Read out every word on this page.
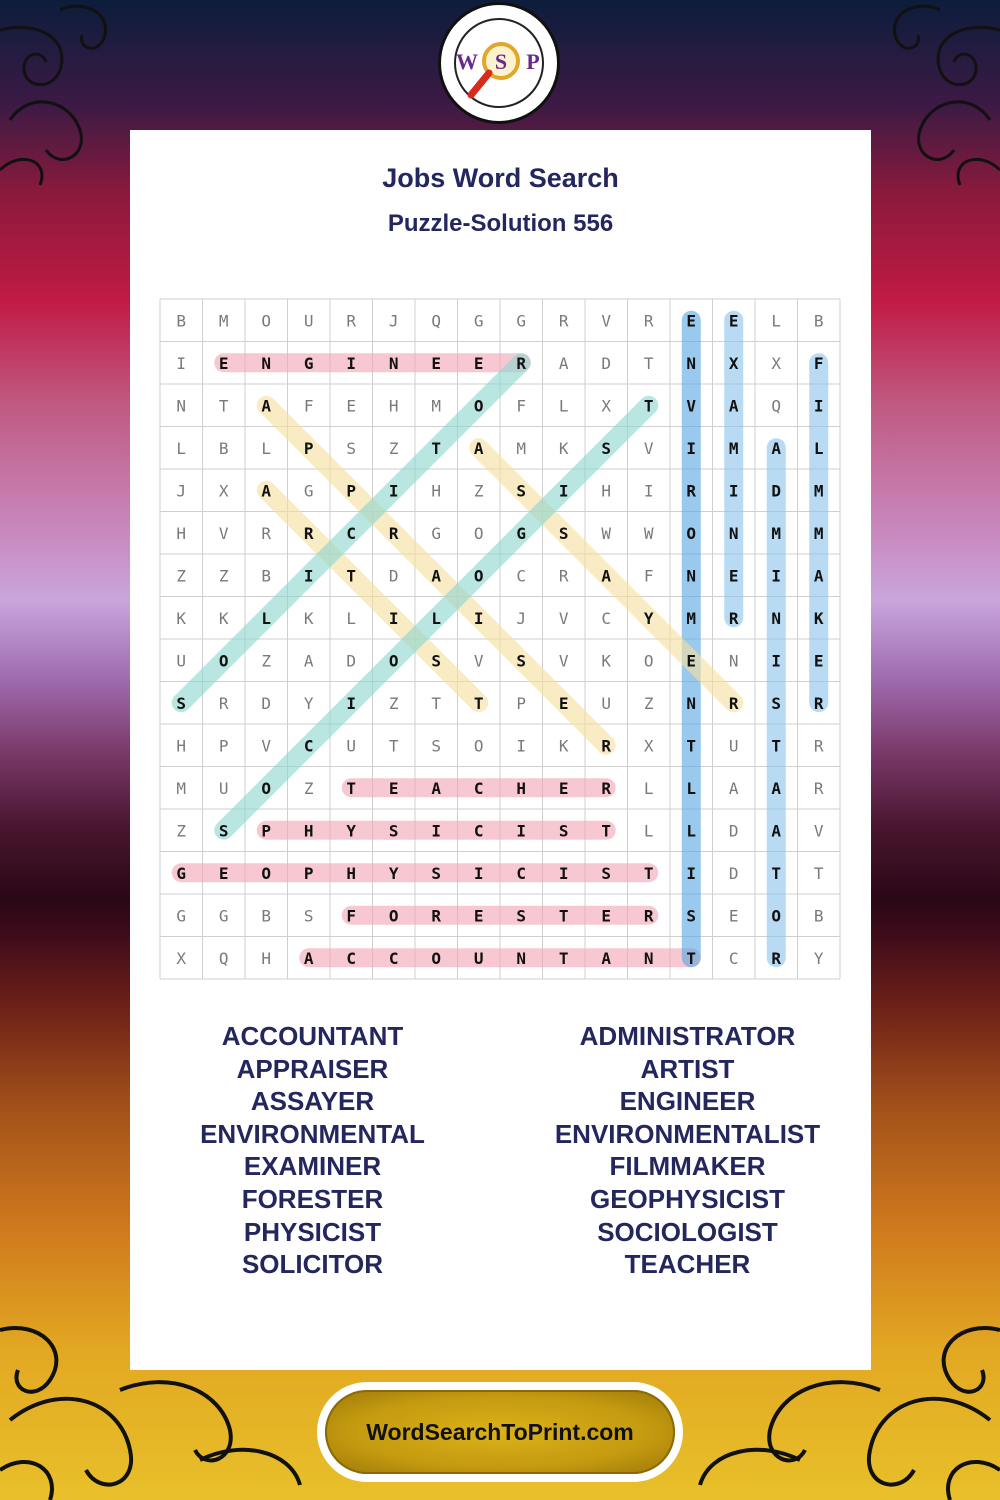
W S P
Jobs Word Search
Puzzle-Solution 556
B M O U R J Q G G R V R E E L B
I E N G I N E E R A D T N X X F
N T A F E H M O F L X T V A Q I
L B L P S Z T A M K S V I M A L
J X A G P I H Z S I H I R I D M
H V R R C R G O G S W W O N M M
Z Z B I T D A O C R A F N E I A
K K L K L I L I J V C Y M R N K
U O Z A D O S V S V K O E N I E
S R D Y I Z T T P E U Z N R S R
H P V C U T S O I K R X T U T R
M U O Z T E A C H E R L L A A R
Z S P H Y S I C I S T L L D A V
G E O P H Y S I C I S T I D T T
G G B S F O R E S T E R S E O B
X Q H A C C O U N T A N T C R Y
ACCOUNTANT
APPRAISER
ASSAYER
ENVIRONMENTAL
EXAMINER
FORESTER
PHYSICIST
SOLICITOR
ADMINISTRATOR
ARTIST
ENGINEER
ENVIRONMENTALIST
FILMMAKER
GEOPHYSICIST
SOCIOLOGIST
TEACHER
WordSearchToPrint.com
